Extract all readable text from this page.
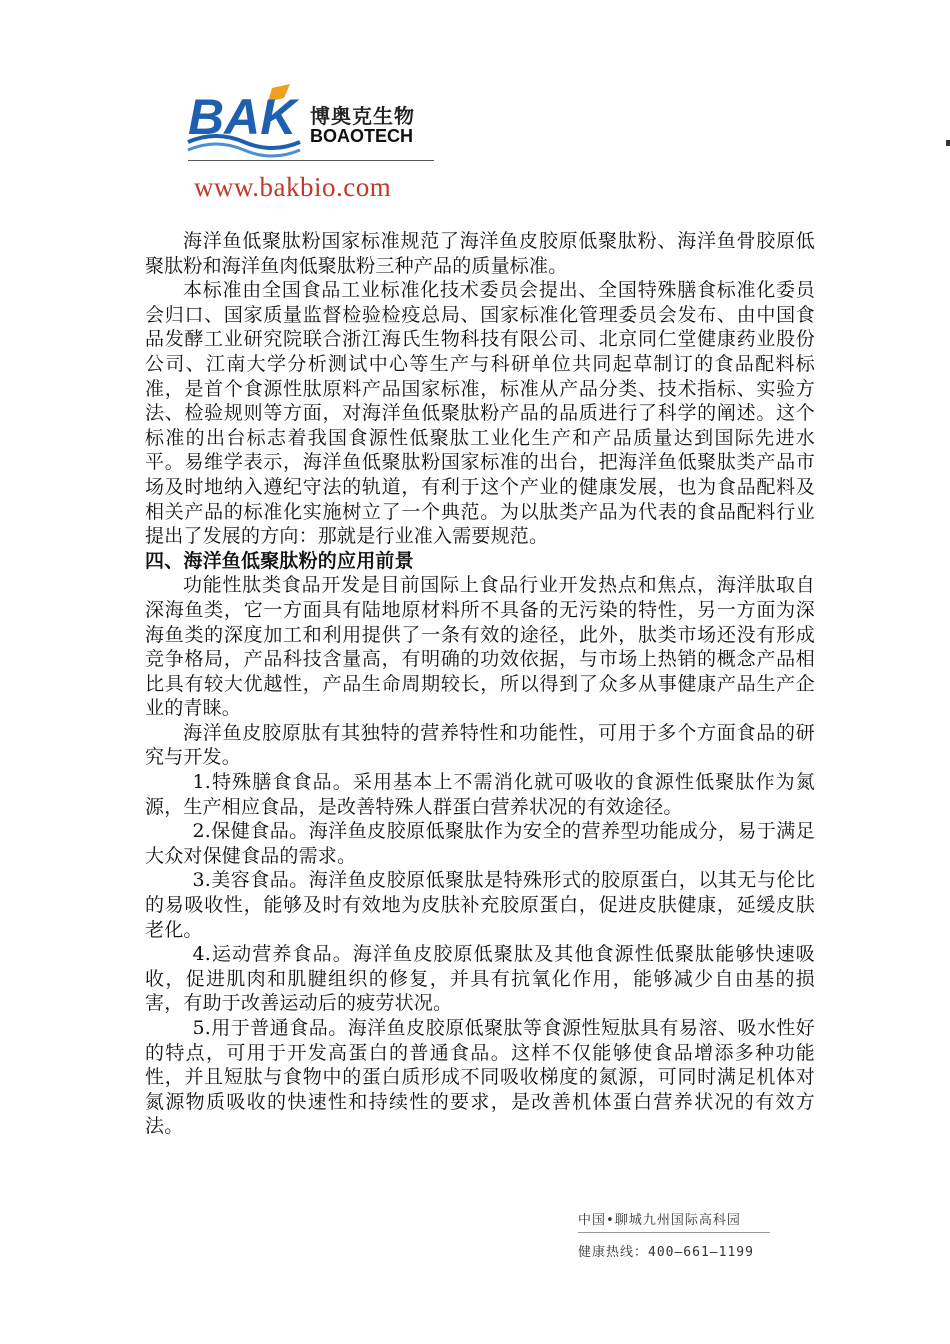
BAK 博奥克生物
BOAOTECH
www.bakbio.com

海洋鱼低聚肽粉国家标准规范了海洋鱼皮胶原低聚肽粉、海洋鱼骨胶原低聚肽粉和海洋鱼肉低聚肽粉三种产品的质量标准。

本标准由全国食品工业标准化技术委员会提出、全国特殊膳食标准化委员会归口、国家质量监督检验检疫总局、国家标准化管理委员会发布、由中国食品发酵工业研究院联合浙江海氏生物科技有限公司、北京同仁堂健康药业股份公司、江南大学分析测试中心等生产与科研单位共同起草制订的食品配料标准，是首个食源性肽原料产品国家标准，标准从产品分类、技术指标、实验方法、检验规则等方面，对海洋鱼低聚肽粉产品的品质进行了科学的阐述。这个标准的出台标志着我国食源性低聚肽工业化生产和产品质量达到国际先进水平。易维学表示，海洋鱼低聚肽粉国家标准的出台，把海洋鱼低聚肽类产品市场及时地纳入遵纪守法的轨道，有利于这个产业的健康发展，也为食品配料及相关产品的标准化实施树立了一个典范。为以肽类产品为代表的食品配料行业提出了发展的方向：那就是行业准入需要规范。

四、海洋鱼低聚肽粉的应用前景

功能性肽类食品开发是目前国际上食品行业开发热点和焦点，海洋肽取自深海鱼类，它一方面具有陆地原材料所不具备的无污染的特性，另一方面为深海鱼类的深度加工和利用提供了一条有效的途径，此外，肽类市场还没有形成竞争格局，产品科技含量高，有明确的功效依据，与市场上热销的概念产品相比具有较大优越性，产品生命周期较长，所以得到了众多从事健康产品生产企业的青睐。

海洋鱼皮胶原肽有其独特的营养特性和功能性，可用于多个方面食品的研究与开发。

1.特殊膳食食品。采用基本上不需消化就可吸收的食源性低聚肽作为氮源，生产相应食品，是改善特殊人群蛋白营养状况的有效途径。

2.保健食品。海洋鱼皮胶原低聚肽作为安全的营养型功能成分，易于满足大众对保健食品的需求。

3.美容食品。海洋鱼皮胶原低聚肽是特殊形式的胶原蛋白，以其无与伦比的易吸收性，能够及时有效地为皮肤补充胶原蛋白，促进皮肤健康，延缓皮肤老化。

4.运动营养食品。海洋鱼皮胶原低聚肽及其他食源性低聚肽能够快速吸收，促进肌肉和肌腱组织的修复，并具有抗氧化作用，能够减少自由基的损害，有助于改善运动后的疲劳状况。

5.用于普通食品。海洋鱼皮胶原低聚肽等食源性短肽具有易溶、吸水性好的特点，可用于开发高蛋白的普通食品。这样不仅能够使食品增添多种功能性，并且短肽与食物中的蛋白质形成不同吸收梯度的氮源，可同时满足机体对氮源物质吸收的快速性和持续性的要求，是改善机体蛋白营养状况的有效方法。

中国•聊城九州国际高科园
健康热线：400—661—1199
